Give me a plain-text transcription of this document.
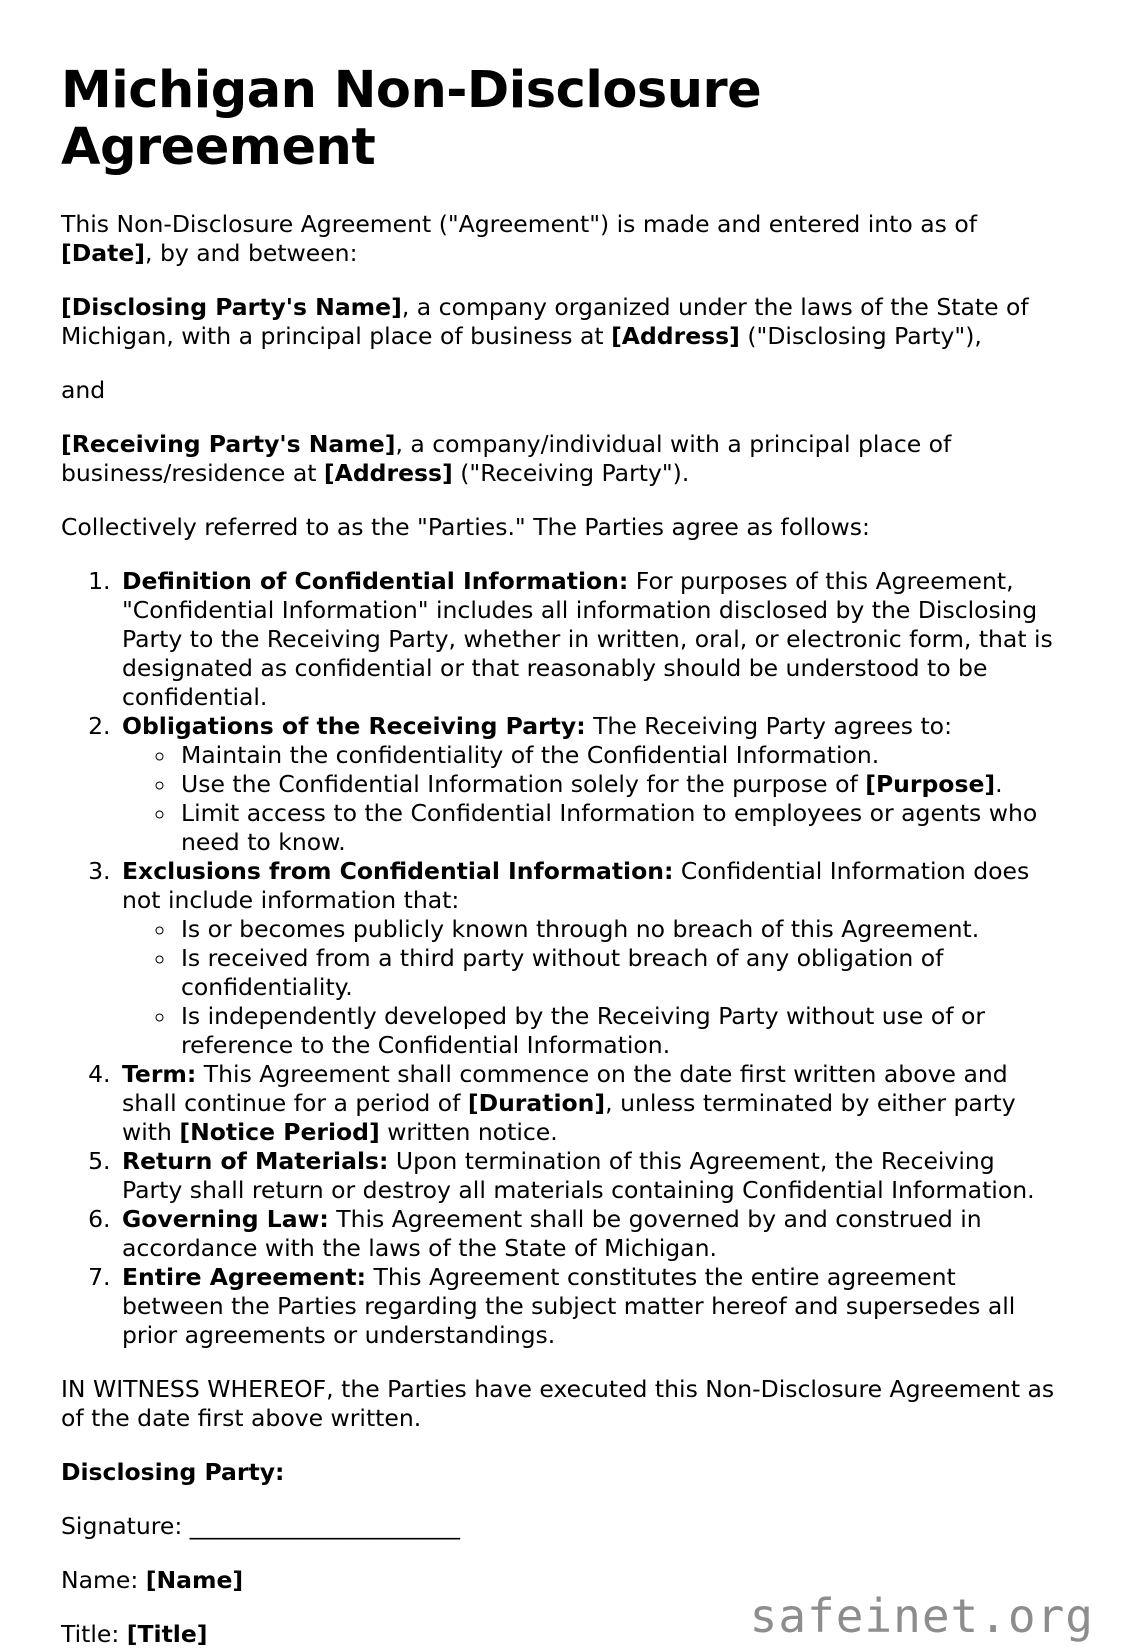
Michigan Non-Disclosure Agreement

This Non-Disclosure Agreement ("Agreement") is made and entered into as of [Date], by and between:

[Disclosing Party's Name], a company organized under the laws of the State of Michigan, with a principal place of business at [Address] ("Disclosing Party"),

and

[Receiving Party's Name], a company/individual with a principal place of business/residence at [Address] ("Receiving Party").

Collectively referred to as the "Parties." The Parties agree as follows:

1. Definition of Confidential Information: For purposes of this Agreement, "Confidential Information" includes all information disclosed by the Disclosing Party to the Receiving Party, whether in written, oral, or electronic form, that is designated as confidential or that reasonably should be understood to be confidential.
2. Obligations of the Receiving Party: The Receiving Party agrees to:
◦ Maintain the confidentiality of the Confidential Information.
◦ Use the Confidential Information solely for the purpose of [Purpose].
◦ Limit access to the Confidential Information to employees or agents who need to know.
3. Exclusions from Confidential Information: Confidential Information does not include information that:
◦ Is or becomes publicly known through no breach of this Agreement.
◦ Is received from a third party without breach of any obligation of confidentiality.
◦ Is independently developed by the Receiving Party without use of or reference to the Confidential Information.
4. Term: This Agreement shall commence on the date first written above and shall continue for a period of [Duration], unless terminated by either party with [Notice Period] written notice.
5. Return of Materials: Upon termination of this Agreement, the Receiving Party shall return or destroy all materials containing Confidential Information.
6. Governing Law: This Agreement shall be governed by and construed in accordance with the laws of the State of Michigan.
7. Entire Agreement: This Agreement constitutes the entire agreement between the Parties regarding the subject matter hereof and supersedes all prior agreements or understandings.

IN WITNESS WHEREOF, the Parties have executed this Non-Disclosure Agreement as of the date first above written.

Disclosing Party:

Signature: _______________________

Name: [Name]

Title: [Title]	safeinet.org
